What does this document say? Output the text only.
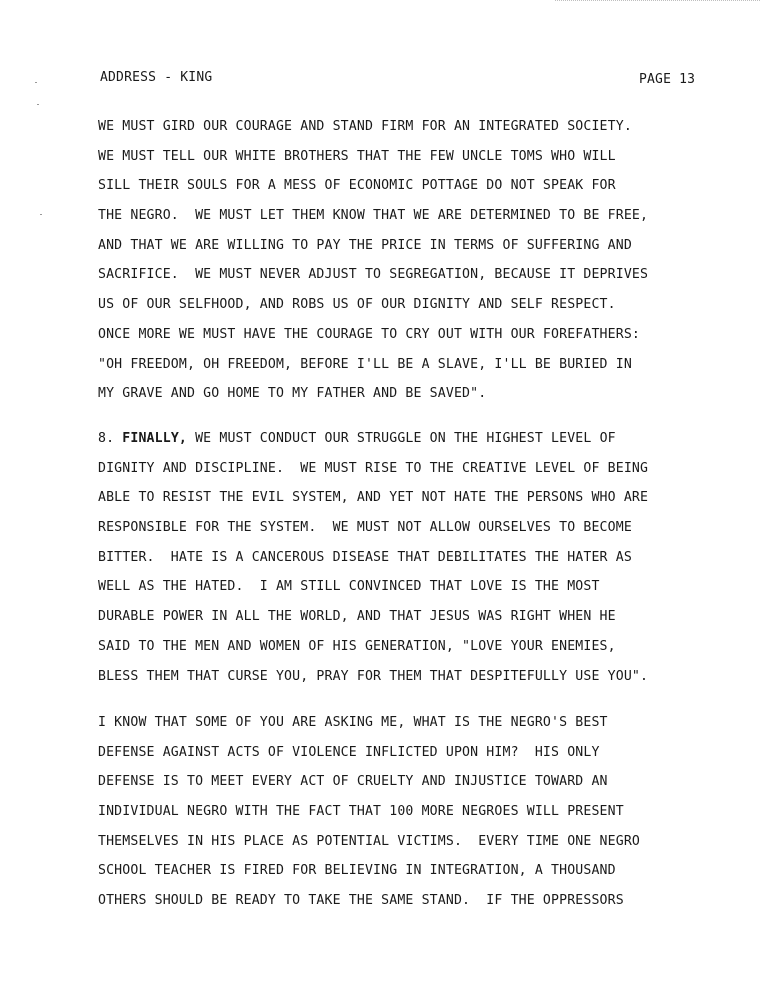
ADDRESS - KING	PAGE 13
WE MUST GIRD OUR COURAGE AND STAND FIRM FOR AN INTEGRATED SOCIETY.
WE MUST TELL OUR WHITE BROTHERS THAT THE FEW UNCLE TOMS WHO WILL
SILL THEIR SOULS FOR A MESS OF ECONOMIC POTTAGE DO NOT SPEAK FOR
THE NEGRO.  WE MUST LET THEM KNOW THAT WE ARE DETERMINED TO BE FREE,
AND THAT WE ARE WILLING TO PAY THE PRICE IN TERMS OF SUFFERING AND
SACRIFICE.  WE MUST NEVER ADJUST TO SEGREGATION, BECAUSE IT DEPRIVES
US OF OUR SELFHOOD, AND ROBS US OF OUR DIGNITY AND SELF RESPECT.
ONCE MORE WE MUST HAVE THE COURAGE TO CRY OUT WITH OUR FOREFATHERS:
"OH FREEDOM, OH FREEDOM, BEFORE I'LL BE A SLAVE, I'LL BE BURIED IN
MY GRAVE AND GO HOME TO MY FATHER AND BE SAVED".
8. FINALLY, WE MUST CONDUCT OUR STRUGGLE ON THE HIGHEST LEVEL OF
DIGNITY AND DISCIPLINE.  WE MUST RISE TO THE CREATIVE LEVEL OF BEING
ABLE TO RESIST THE EVIL SYSTEM, AND YET NOT HATE THE PERSONS WHO ARE
RESPONSIBLE FOR THE SYSTEM.  WE MUST NOT ALLOW OURSELVES TO BECOME
BITTER.  HATE IS A CANCEROUS DISEASE THAT DEBILITATES THE HATER AS
WELL AS THE HATED.  I AM STILL CONVINCED THAT LOVE IS THE MOST
DURABLE POWER IN ALL THE WORLD, AND THAT JESUS WAS RIGHT WHEN HE
SAID TO THE MEN AND WOMEN OF HIS GENERATION, "LOVE YOUR ENEMIES,
BLESS THEM THAT CURSE YOU, PRAY FOR THEM THAT DESPITEFULLY USE YOU".
I KNOW THAT SOME OF YOU ARE ASKING ME, WHAT IS THE NEGRO'S BEST
DEFENSE AGAINST ACTS OF VIOLENCE INFLICTED UPON HIM?  HIS ONLY
DEFENSE IS TO MEET EVERY ACT OF CRUELTY AND INJUSTICE TOWARD AN
INDIVIDUAL NEGRO WITH THE FACT THAT 100 MORE NEGROES WILL PRESENT
THEMSELVES IN HIS PLACE AS POTENTIAL VICTIMS.  EVERY TIME ONE NEGRO
SCHOOL TEACHER IS FIRED FOR BELIEVING IN INTEGRATION, A THOUSAND
OTHERS SHOULD BE READY TO TAKE THE SAME STAND.  IF THE OPPRESSORS
